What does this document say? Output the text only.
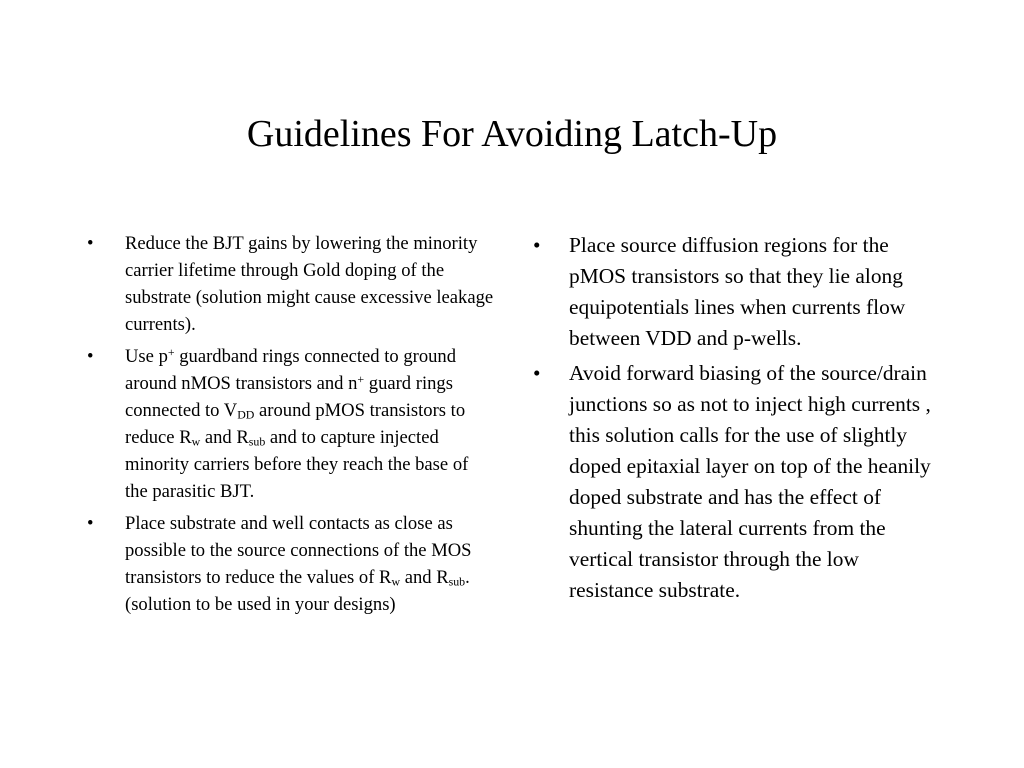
Guidelines For Avoiding Latch-Up
• Reduce the BJT gains by lowering the minority carrier lifetime through Gold doping of the substrate (solution might cause excessive leakage currents).
• Use p+ guardband rings connected to ground around nMOS transistors and n+ guard rings connected to $V_{DD}$ around pMOS transistors to reduce $R_w$ and $R_{sub}$ and to capture injected minority carriers before they reach the base of the parasitic BJT.
• Place substrate and well contacts as close as possible to the source connections of the MOS transistors to reduce the values of $R_w$ and $R_{sub}$. (solution to be used in your designs)
• Place source diffusion regions for the pMOS transistors so that they lie along equipotentials lines when currents flow between VDD and p-wells.
• Avoid forward biasing of the source/drain junctions so as not to inject high currents , this solution calls for the use of slightly doped epitaxial layer on top of the heanily doped substrate and has the effect of shunting the lateral currents from the vertical transistor through the low resistance substrate.
